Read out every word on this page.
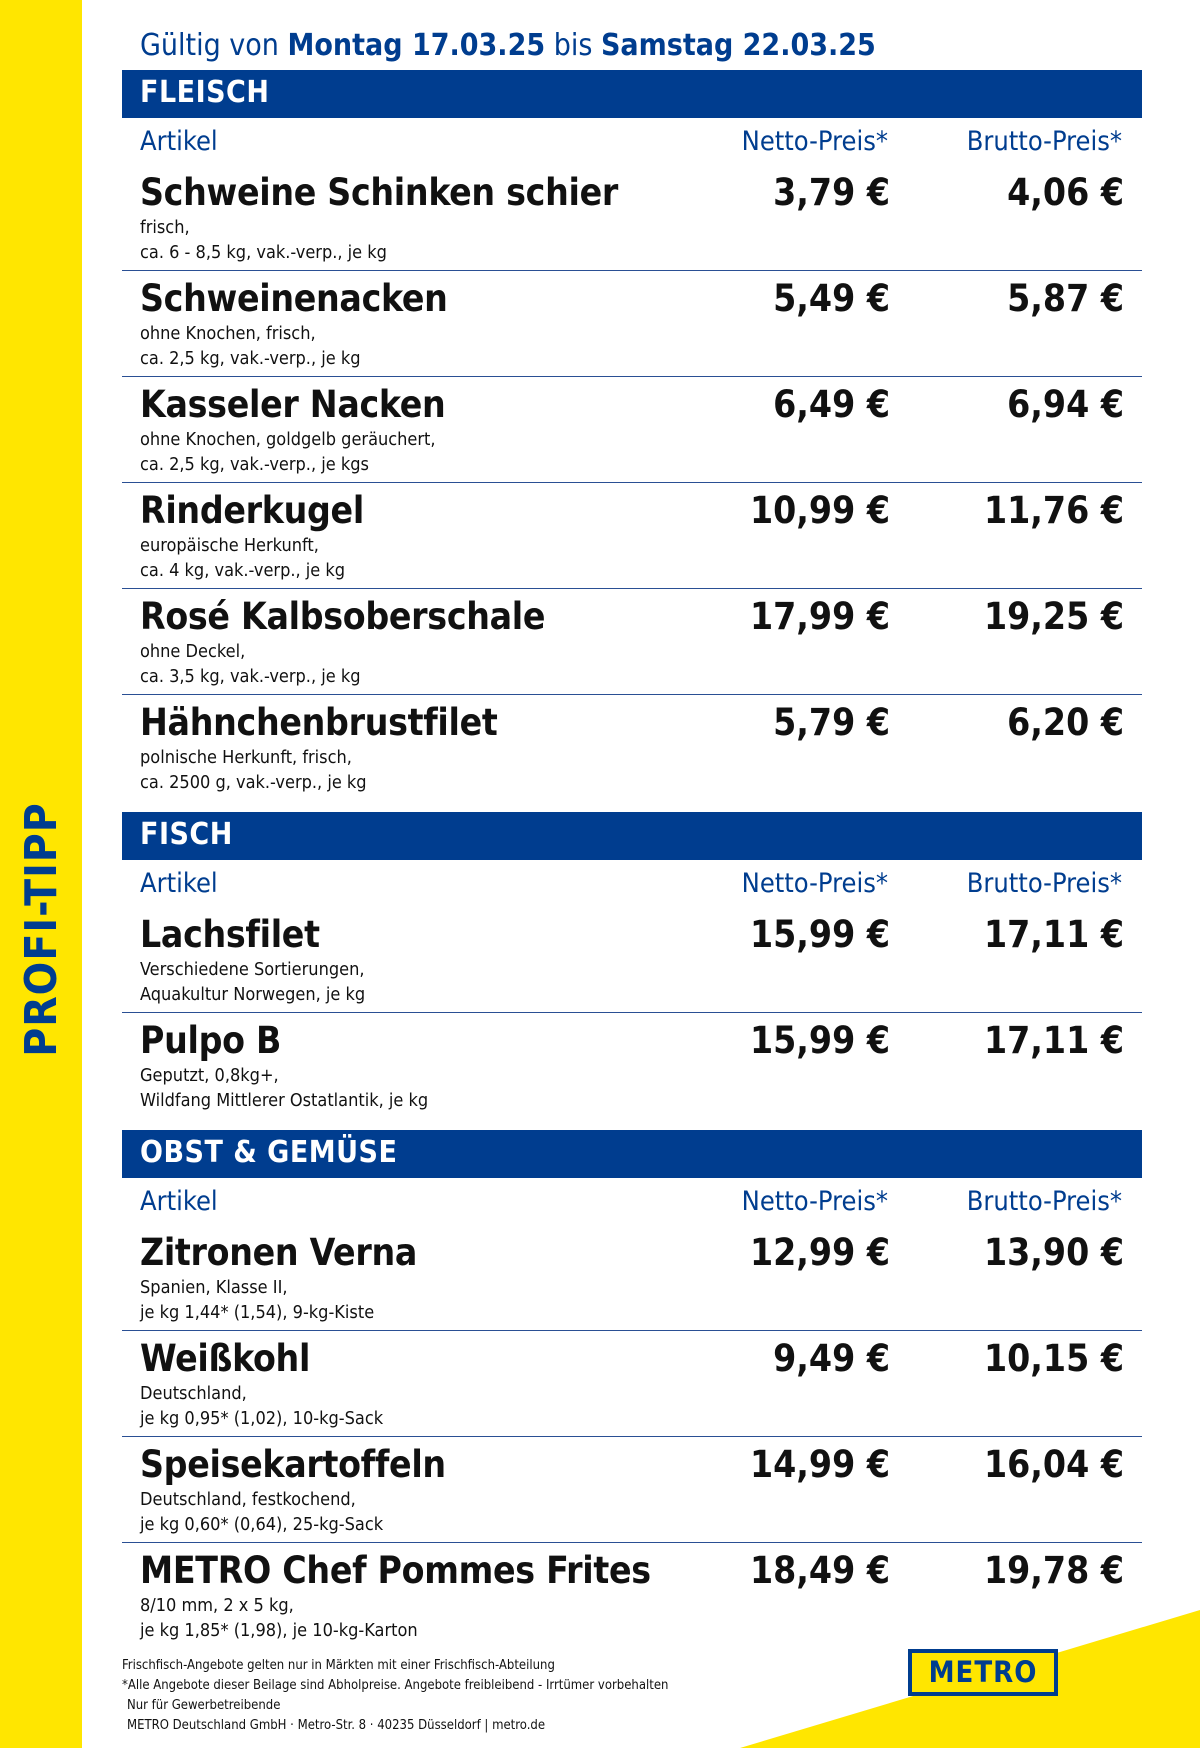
PROFI-TIPP
Gültig von Montag 17.03.25 bis Samstag 22.03.25
FLEISCH
Artikel	Netto-Preis*	Brutto-Preis*
Schweine Schinken schier
frisch,
ca. 6 - 8,5 kg, vak.-verp., je kg
3,79 €	4,06 €
Schweinenacken
ohne Knochen, frisch,
ca. 2,5 kg, vak.-verp., je kg
5,49 €	5,87 €
Kasseler Nacken
ohne Knochen, goldgelb geräuchert,
ca. 2,5 kg, vak.-verp., je kgs
6,49 €	6,94 €
Rinderkugel
europäische Herkunft,
ca. 4 kg, vak.-verp., je kg
10,99 €	11,76 €
Rosé Kalbsoberschale
ohne Deckel,
ca. 3,5 kg, vak.-verp., je kg
17,99 €	19,25 €
Hähnchenbrustfilet
polnische Herkunft, frisch,
ca. 2500 g, vak.-verp., je kg
5,79 €	6,20 €
FISCH
Artikel	Netto-Preis*	Brutto-Preis*
Lachsfilet
Verschiedene Sortierungen,
Aquakultur Norwegen, je kg
15,99 €	17,11 €
Pulpo B
Geputzt, 0,8kg+,
Wildfang Mittlerer Ostatlantik, je kg
15,99 €	17,11 €
OBST & GEMÜSE
Artikel	Netto-Preis*	Brutto-Preis*
Zitronen Verna
Spanien, Klasse II,
je kg 1,44* (1,54), 9-kg-Kiste
12,99 €	13,90 €
Weißkohl
Deutschland,
je kg 0,95* (1,02), 10-kg-Sack
9,49 €	10,15 €
Speisekartoffeln
Deutschland, festkochend,
je kg 0,60* (0,64), 25-kg-Sack
14,99 €	16,04 €
METRO Chef Pommes Frites
8/10 mm, 2 x 5 kg,
je kg 1,85* (1,98), je 10-kg-Karton
18,49 €	19,78 €
Frischfisch-Angebote gelten nur in Märkten mit einer Frischfisch-Abteilung
*Alle Angebote dieser Beilage sind Abholpreise. Angebote freibleibend - Irrtümer vorbehalten
Nur für Gewerbetreibende
METRO Deutschland GmbH · Metro-Str. 8 · 40235 Düsseldorf | metro.de
METRO
